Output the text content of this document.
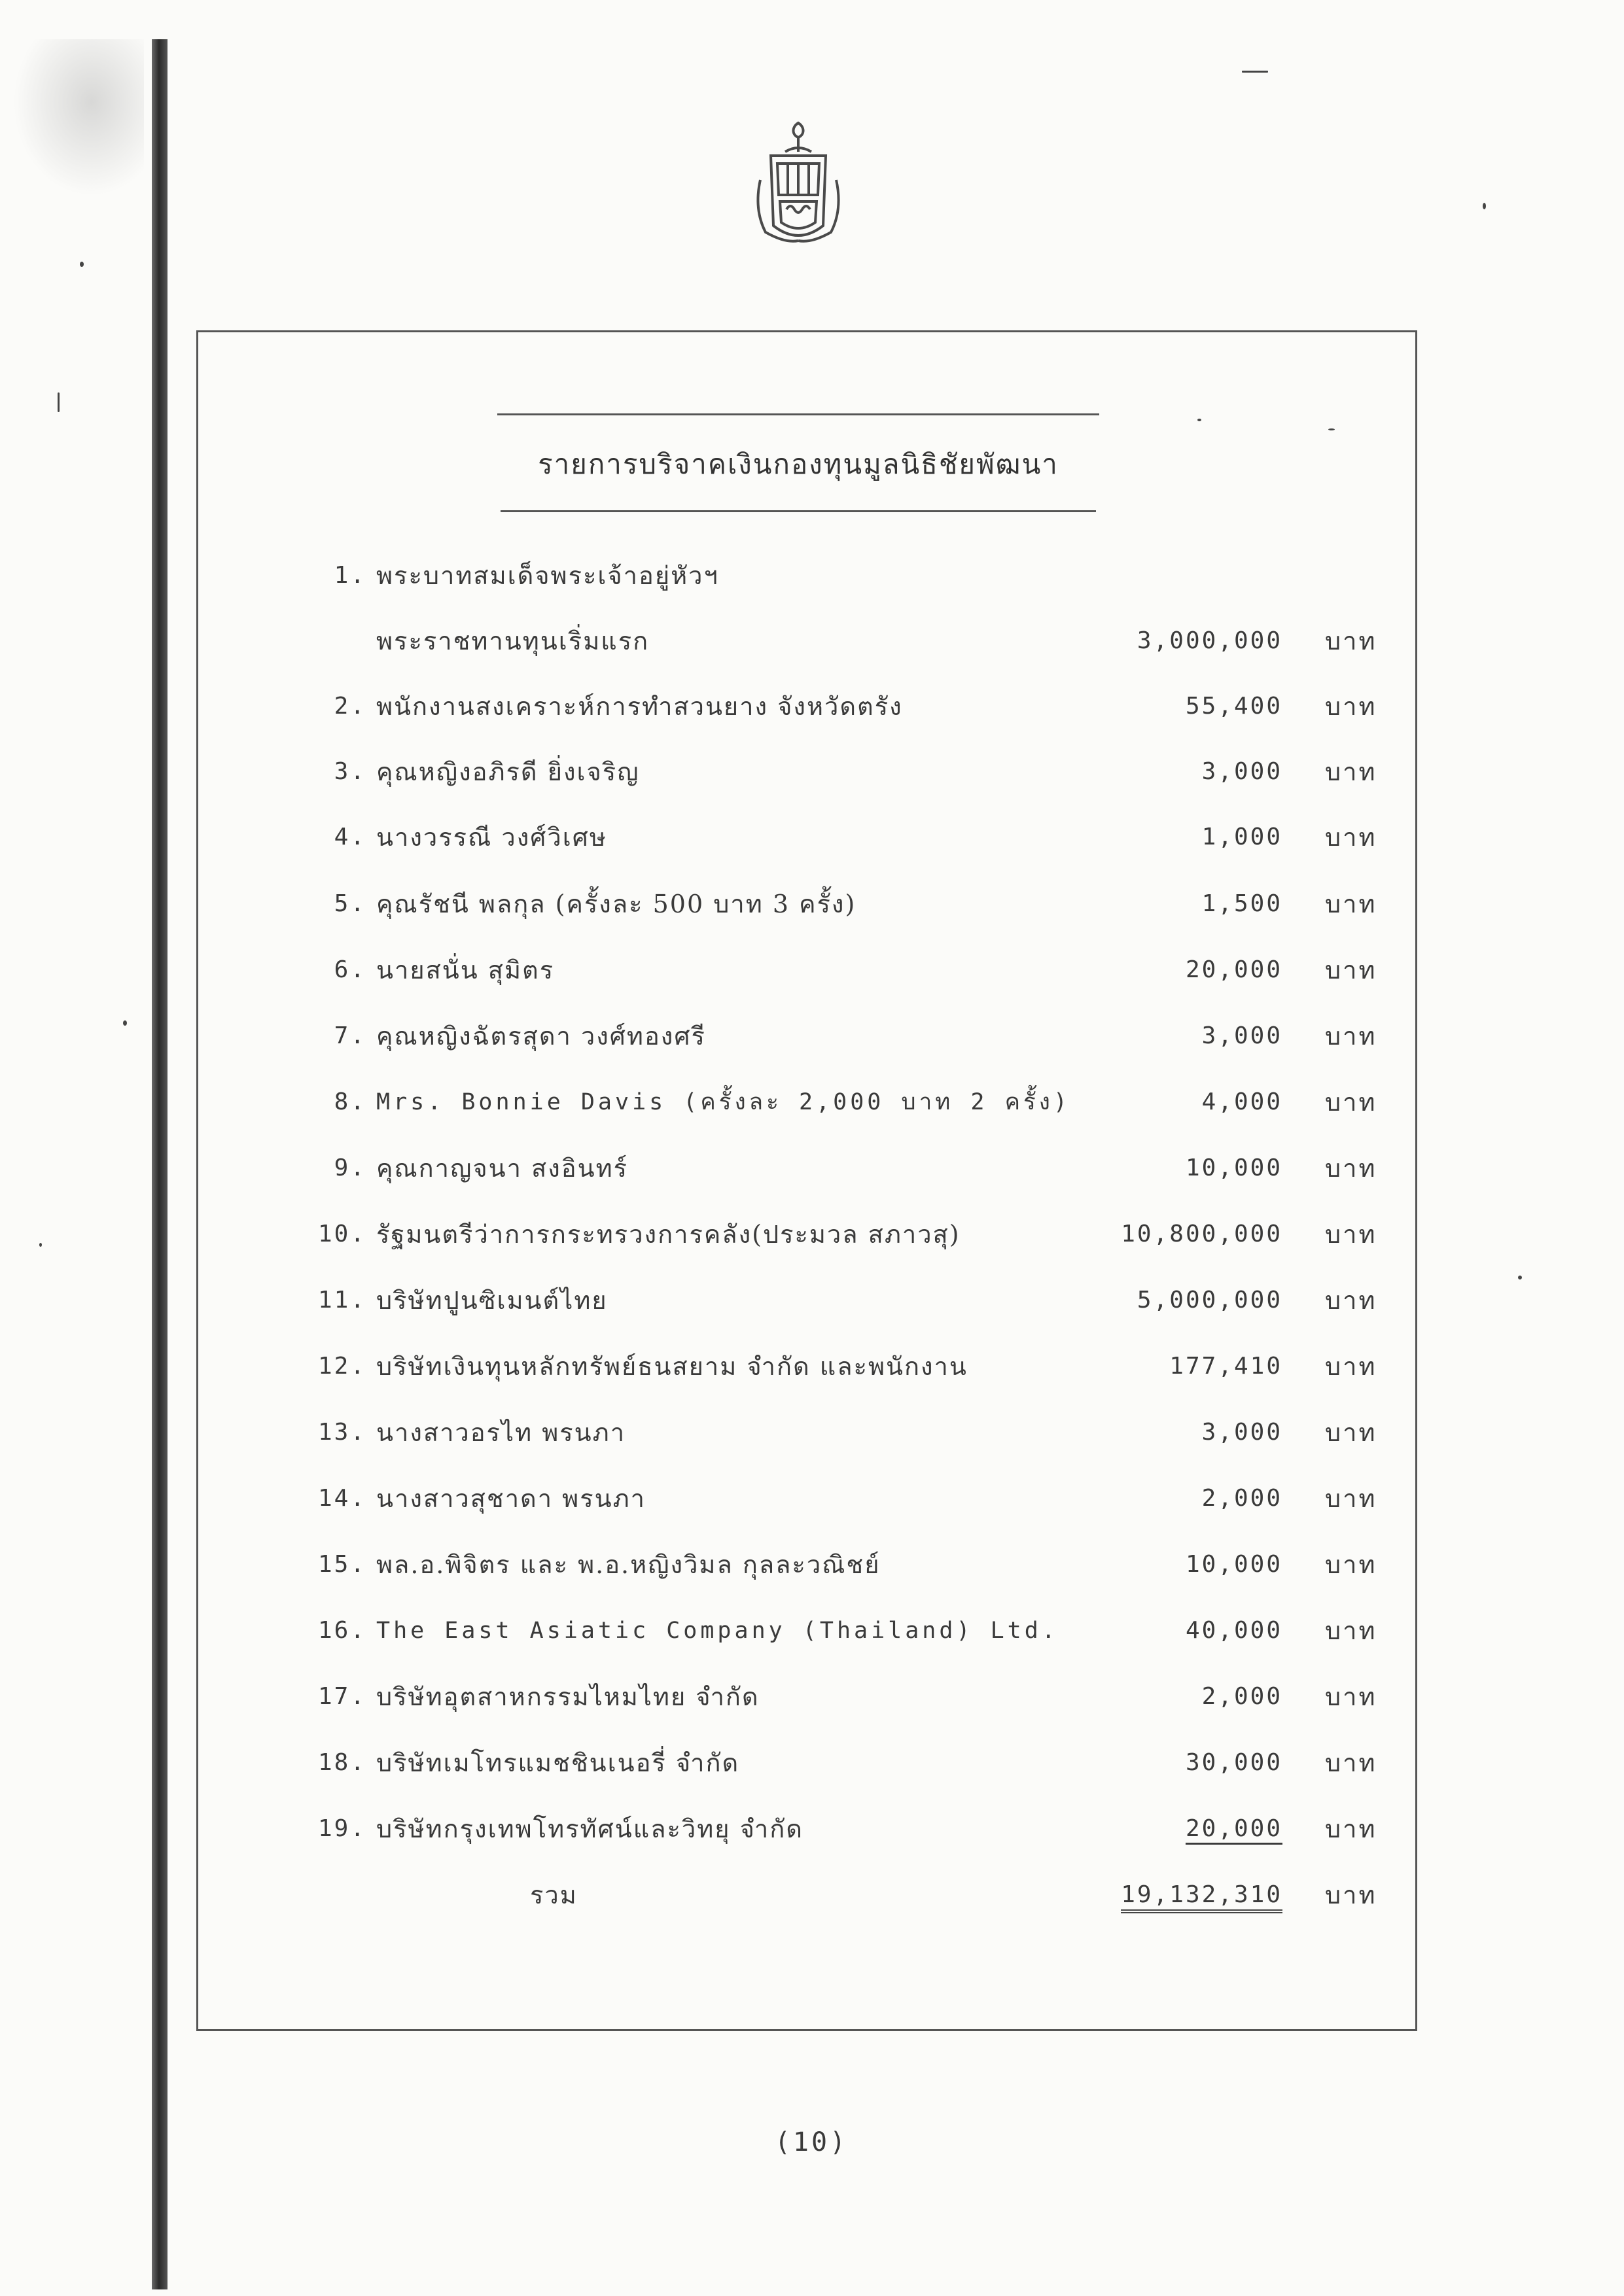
รายการบริจาคเงินกองทุนมูลนิธิชัยพัฒนา
1. พระบาทสมเด็จพระเจ้าอยู่หัวฯ
พระราชทานทุนเริ่มแรก	3,000,000 บาท
2. พนักงานสงเคราะห์การทำสวนยาง จังหวัดตรัง	55,400 บาท
3. คุณหญิงอภิรดี ยิ่งเจริญ	3,000 บาท
4. นางวรรณี วงศ์วิเศษ	1,000 บาท
5. คุณรัชนี พลกุล (ครั้งละ 500 บาท 3 ครั้ง)	1,500 บาท
6. นายสนั่น สุมิตร	20,000 บาท
7. คุณหญิงฉัตรสุดา วงศ์ทองศรี	3,000 บาท
8. Mrs. Bonnie Davis (ครั้งละ 2,000 บาท 2 ครั้ง)	4,000 บาท
9. คุณกาญจนา สงอินทร์	10,000 บาท
10. รัฐมนตรีว่าการกระทรวงการคลัง(ประมวล สภาวสุ)	10,800,000 บาท
11. บริษัทปูนซิเมนต์ไทย	5,000,000 บาท
12. บริษัทเงินทุนหลักทรัพย์ธนสยาม จำกัด และพนักงาน	177,410 บาท
13. นางสาวอรไท พรนภา	3,000 บาท
14. นางสาวสุชาดา พรนภา	2,000 บาท
15. พล.อ.พิจิตร และ พ.อ.หญิงวิมล กุลละวณิชย์	10,000 บาท
16. The East Asiatic Company (Thailand) Ltd.	40,000 บาท
17. บริษัทอุตสาหกรรมไหมไทย จำกัด	2,000 บาท
18. บริษัทเมโทรแมชชินเนอรี่ จำกัด	30,000 บาท
19. บริษัทกรุงเทพโทรทัศน์และวิทยุ จำกัด	20,000 บาท
รวม	19,132,310 บาท
(10)
